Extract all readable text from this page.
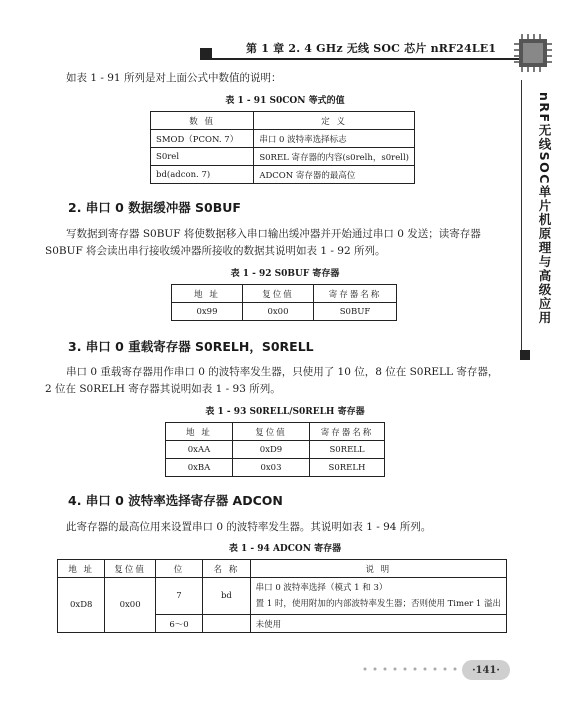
第 1 章 2. 4 GHz 无线 SOC 芯片 nRF24LE1
nRF无线SOC单片机原理与高级应用
如表 1 - 91 所列是对上面公式中数值的说明：
表 1 - 91 S0CON 等式的值
数 值	定 义
SMOD（PCON. 7）	串口 0 波特率选择标志
S0rel	S0REL 寄存器的内容(s0relh，s0rell)
bd(adcon. 7)	ADCON 寄存器的最高位
2. 串口 0 数据缓冲器 S0BUF
写数据到寄存器 S0BUF 将使数据移入串口输出缓冲器并开始通过串口 0 发送；读寄存器
S0BUF 将会读出串行接收缓冲器所接收的数据其说明如表 1 - 92 所列。
表 1 - 92 S0BUF 寄存器
地 址	复位值	寄存器名称
0x99	0x00	S0BUF
3. 串口 0 重载寄存器 S0RELH，S0RELL
串口 0 重载寄存器用作串口 0 的波特率发生器，只使用了 10 位，8 位在 S0RELL 寄存器，
2 位在 S0RELH 寄存器其说明如表 1 - 93 所列。
表 1 - 93 S0RELL/S0RELH 寄存器
地 址	复位值	寄存器名称
0xAA	0xD9	S0RELL
0xBA	0x03	S0RELH
4. 串口 0 波特率选择寄存器 ADCON
此寄存器的最高位用来设置串口 0 的波特率发生器。其说明如表 1 - 94 所列。
表 1 - 94 ADCON 寄存器
地 址	复位值	位	名 称	说 明
0xD8	0x00	7	bd	串口 0 波特率选择（模式 1 和 3）
置 1 时，使用附加的内部波特率发生器；否则使用 Timer 1 溢出

		6～0		未使用
·141·
